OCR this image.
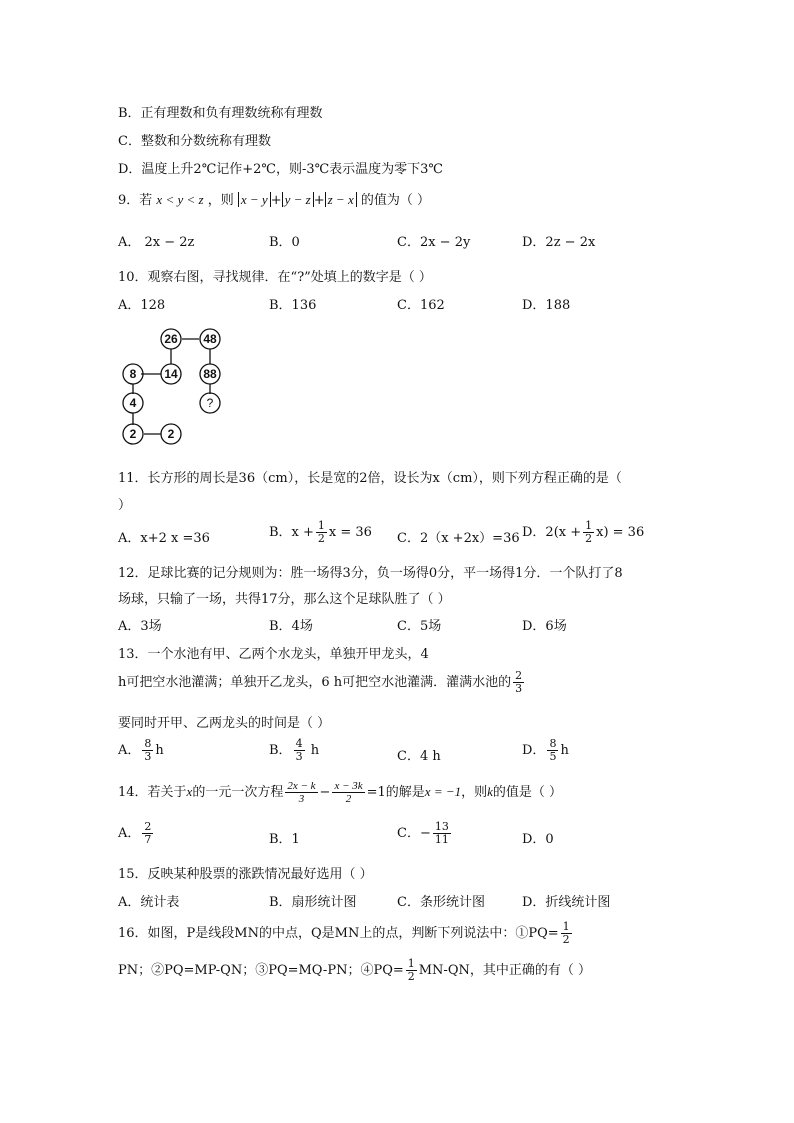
B．正有理数和负有理数统称有理数
C．整数和分数统称有理数
D．温度上升2℃记作+2℃，则-3℃表示温度为零下3℃
9．若 x < y < z ，则 x − y + y − z + z − x 的值为（ ）
A． 2x − 2z	B．0	C．2x − 2y	D．2z − 2x
10．观察右图，寻找规律．在“?”处填上的数字是（ ）
A．128	B．136	C．162	D．188
26 48
8 14 88
4	?
2	2
11．长方形的周长是36（cm），长是宽的2倍，设长为x（cm），则下列方程正确的是（
）
A．x+2 x =36	B．$x + \frac{1}{2}$ x = 36 C．2（x +2x）=36 D．$2(x + \frac{1}{2} x) = 36$
12．足球比赛的记分规则为：胜一场得3分，负一场得0分，平一场得1分．一个队打了8
场球，只输了一场，共得17分，那么这个足球队胜了（ ）
A．3场	B．4场	C．5场	D．6场
13．一个水池有甲、乙两个水龙头，单独开甲龙头，4
h可把空水池灌满；单独开乙龙头，6 h可把空水池灌满．灌满水池的 $\frac{2}{3}$
要同时开甲、乙两龙头的时间是（ ）
A． $\frac{8}{3}$ h	B． $\frac{4}{3}$ h	C．4 h	D． $\frac{8}{5}$ h
14．若关于x的一元一次方程 $\frac{2x - k}{3} - \frac{x - 3k}{2} =1$的解是x = −1，则k的值是（ ）
A． $\frac{2}{7}$	B．1	C．− $\frac{13}{11}$	D．0
15．反映某种股票的涨跌情况最好选用（ ）
A．统计表	B．扇形统计图	C．条形统计图	D．折线统计图
16．如图，P是线段MN的中点，Q是MN上的点，判断下列说法中：①PQ= $\frac{1}{2}$
PN；②PQ=MP-QN；③PQ=MQ-PN；④PQ= $\frac{1}{2} MN-QN$，其中正确的有（ ）
